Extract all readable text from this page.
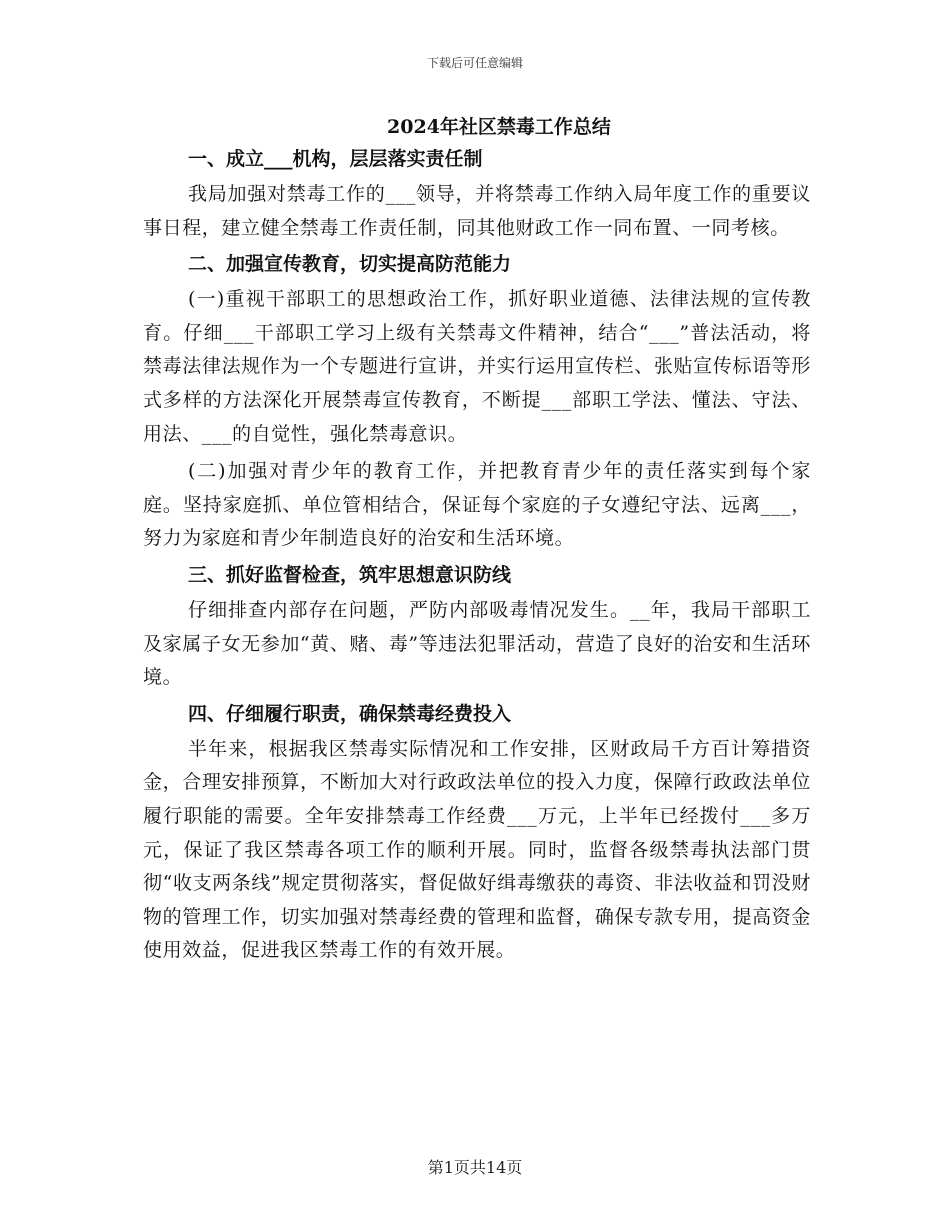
下载后可任意编辑
2024年社区禁毒工作总结
一、成立___机构，层层落实责任制

我局加强对禁毒工作的___领导，并将禁毒工作纳入局年度工作的重要议事日程，建立健全禁毒工作责任制，同其他财政工作一同布置、一同考核。

二、加强宣传教育，切实提高防范能力

(一)重视干部职工的思想政治工作，抓好职业道德、法律法规的宣传教育。仔细___干部职工学习上级有关禁毒文件精神，结合“___”普法活动，将禁毒法律法规作为一个专题进行宣讲，并实行运用宣传栏、张贴宣传标语等形式多样的方法深化开展禁毒宣传教育，不断提___部职工学法、懂法、守法、用法、___的自觉性，强化禁毒意识。

(二)加强对青少年的教育工作，并把教育青少年的责任落实到每个家庭。坚持家庭抓、单位管相结合，保证每个家庭的子女遵纪守法、远离___，努力为家庭和青少年制造良好的治安和生活环境。

三、抓好监督检查，筑牢思想意识防线

仔细排查内部存在问题，严防内部吸毒情况发生。__年，我局干部职工及家属子女无参加“黄、赌、毒”等违法犯罪活动，营造了良好的治安和生活环境。

四、仔细履行职责，确保禁毒经费投入

半年来，根据我区禁毒实际情况和工作安排，区财政局千方百计筹措资金，合理安排预算，不断加大对行政政法单位的投入力度，保障行政政法单位履行职能的需要。全年安排禁毒工作经费___万元，上半年已经拨付___多万元，保证了我区禁毒各项工作的顺利开展。同时，监督各级禁毒执法部门贯彻“收支两条线”规定贯彻落实，督促做好缉毒缴获的毒资、非法收益和罚没财物的管理工作，切实加强对禁毒经费的管理和监督，确保专款专用，提高资金使用效益，促进我区禁毒工作的有效开展。

第1页共14页
